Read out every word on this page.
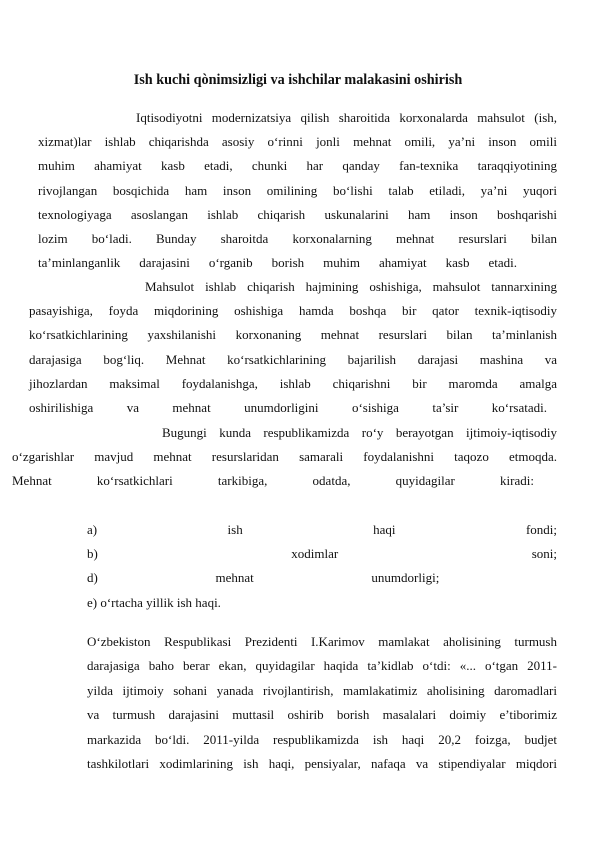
Ish kuchi qònimsizligi va ishchilar malakasini oshirish
Iqtisodiyotni modernizatsiya qilish sharoitida korxonalarda mahsulot (ish,
xizmat)lar ishlab chiqarishda asosiy o‘rinni jonli mehnat omili, ya’ni inson omili
muhim ahamiyat kasb etadi, chunki har qanday fan-texnika taraqqiyotining
rivojlangan bosqichida ham inson omilining bo‘lishi talab etiladi, ya’ni yuqori
texnologiyaga asoslangan ishlab chiqarish uskunalarini ham inson boshqarishi
lozim bo‘ladi. Bunday sharoitda korxonalarning mehnat resurslari bilan
ta’minlanganlik darajasini o‘rganib borish muhim ahamiyat kasb etadi.
Mahsulot ishlab chiqarish hajmining oshishiga, mahsulot tannarxining
pasayishiga, foyda miqdorining oshishiga hamda boshqa bir qator texnik-iqtisodiy
ko‘rsatkichlarining yaxshilanishi korxonaning mehnat resurslari bilan ta’minlanish
darajasiga bog‘liq. Mehnat ko‘rsatkichlarining bajarilish darajasi mashina va
jihozlardan maksimal foydalanishga, ishlab chiqarishni bir maromda amalga
oshirilishiga va mehnat unumdorligini o‘sishiga ta’sir ko‘rsatadi.
Bugungi kunda respublikamizda ro‘y berayotgan ijtimoiy-iqtisodiy
o‘zgarishlar mavjud mehnat resurslaridan samarali foydalanishni taqozo etmoqda.
Mehnat ko‘rsatkichlari tarkibiga, odatda, quyidagilar kiradi:
a)	ish	haqi	fondi;
b)	xodimlar	soni;
d)	mehnat	unumdorligi;
e) o‘rtacha yillik ish haqi.
O‘zbekiston Respublikasi Prezidenti I.Karimov mamlakat aholisining turmush
darajasiga baho berar ekan, quyidagilar haqida ta’kidlab o‘tdi: «... o‘tgan 2011-
yilda ijtimoiy sohani yanada rivojlantirish, mamlakatimiz aholisining daromadlari
va turmush darajasini muttasil oshirib borish masalalari doimiy e’tiborimiz
markazida bo‘ldi. 2011-yilda respublikamizda ish haqi 20,2 foizga, budjet
tashkilotlari xodimlarining ish haqi, pensiyalar, nafaqa va stipendiyalar miqdori
